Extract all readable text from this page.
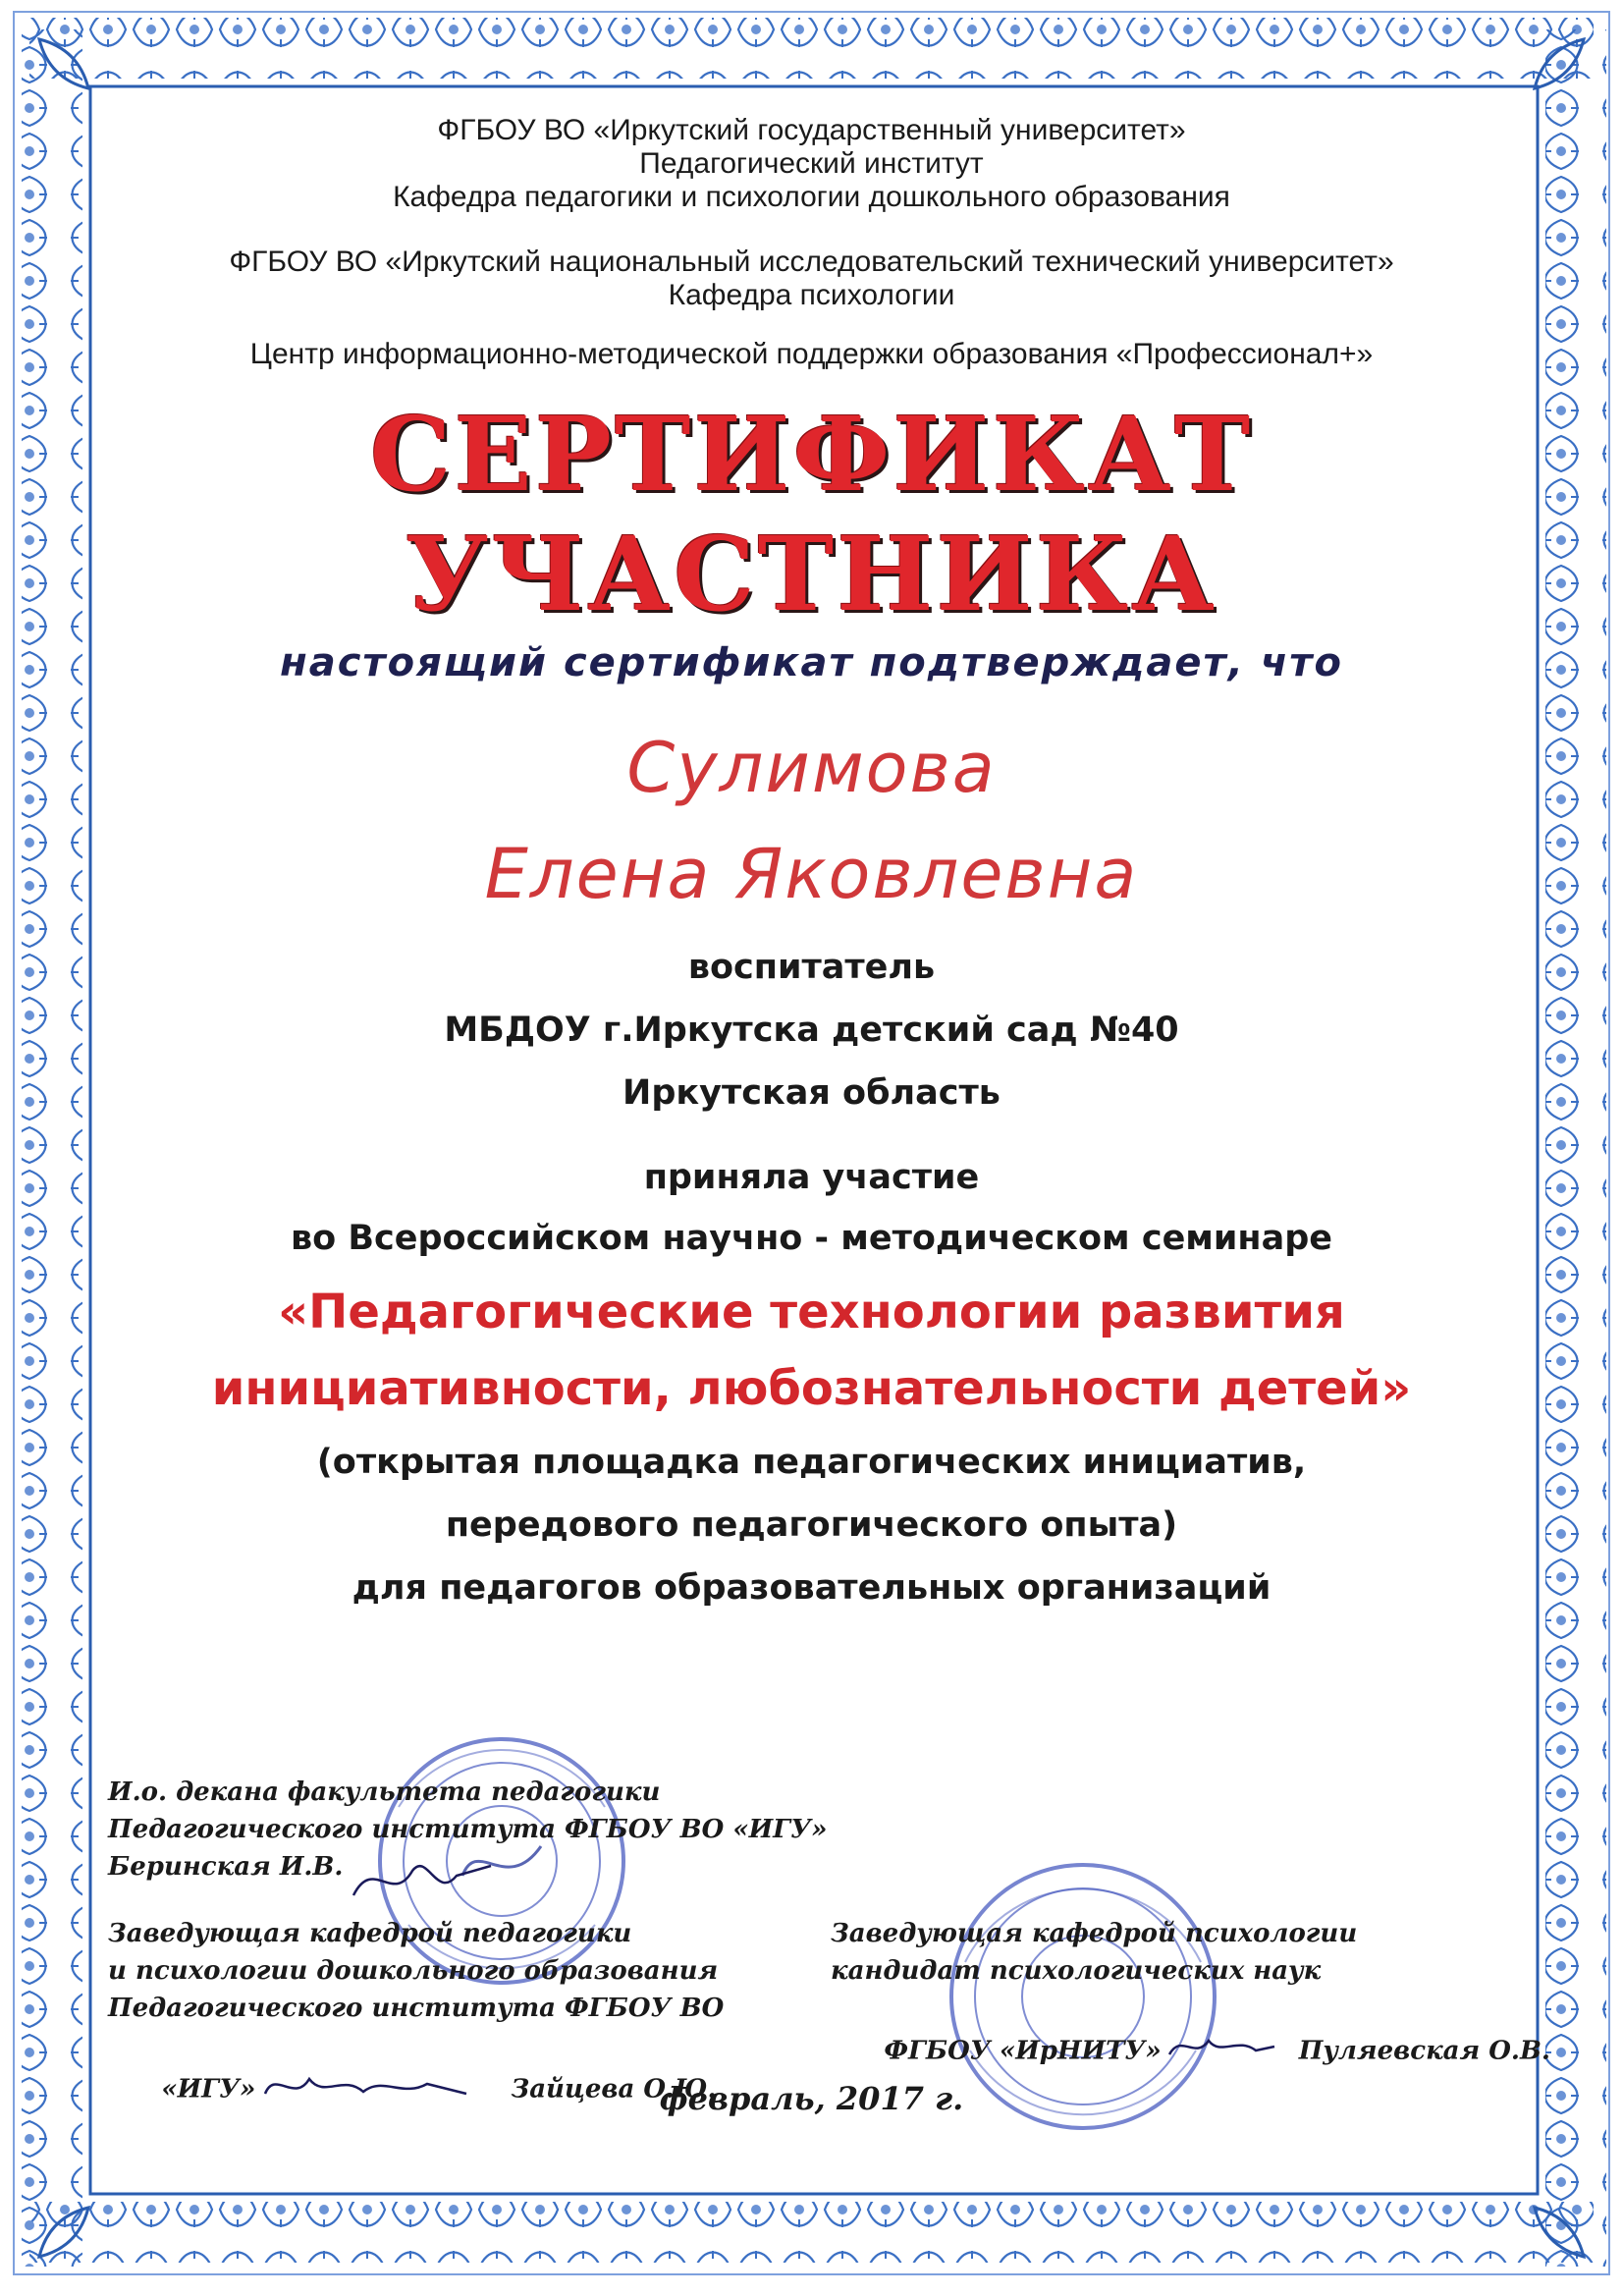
ФГБОУ ВО «Иркутский государственный университет»
Педагогический институт
Кафедра педагогики и психологии дошкольного образования
ФГБОУ ВО «Иркутский национальный исследовательский технический университет»
Кафедра психологии
Центр информационно-методической поддержки образования «Профессионал+»
СЕРТИФИКАТ
УЧАСТНИКА
настоящий сертификат подтверждает, что
Сулимова
Елена Яковлевна
воспитатель
МБДОУ г.Иркутска детский сад №40
Иркутская область
приняла участие
во Всероссийском научно - методическом семинаре
«Педагогические технологии развития
инициативности, любознательности детей»
(открытая площадка педагогических инициатив,
передового педагогического опыта)
для педагогов образовательных организаций
И.о. декана факультета педагогики
Педагогического института ФГБОУ ВО «ИГУ»
Беринская И.В.
Заведующая кафедрой педагогики
и психологии дошкольного образования
Педагогического института ФГБОУ ВО

«ИГУ»	Зайцева О.Ю.

Заведующая кафедрой психологии
кандидат психологических наук

ФГБОУ «ИрНИТУ»	Пуляевская О.В.

февраль, 2017 г.
